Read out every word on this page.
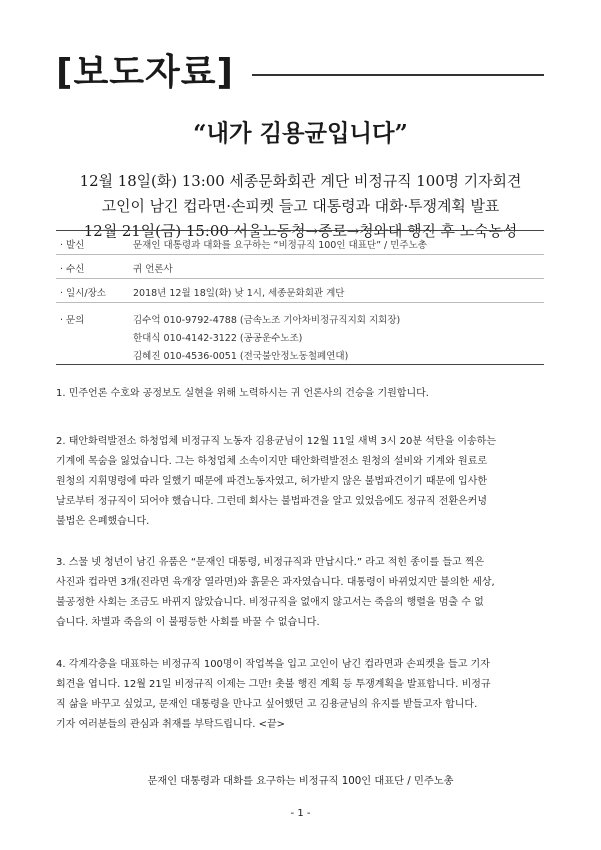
[보도자료]
“내가 김용균입니다”
12월 18일(화) 13:00 세종문화회관 계단 비정규직 100명 기자회견
고인이 남긴 컵라면·손피켓 들고 대통령과 대화·투쟁계획 발표
12월 21일(금) 15:00 서울노동청→종로→청와대 행진 후 노숙농성
· 발신	문재인 대통령과 대화를 요구하는 “비정규직 100인 대표단” / 민주노총
· 수신	귀 언론사
· 일시/장소	2018년 12월 18일(화) 낮 1시, 세종문화회관 계단
· 문의	김수억 010-9792-4788 (금속노조 기아차비정규직지회 지회장)
한대식 010-4142-3122 (공공운수노조)
김혜진 010-4536-0051 (전국불안정노동철폐연대)
1. 민주언론 수호와 공정보도 실현을 위해 노력하시는 귀 언론사의 건승을 기원합니다.
2. 태안화력발전소 하청업체 비정규직 노동자 김용균님이 12월 11일 새벽 3시 20분 석탄을 이송하는
기계에 목숨을 잃었습니다. 그는 하청업체 소속이지만 태안화력발전소 원청의 설비와 기계와 원료로
원청의 지휘명령에 따라 일했기 때문에 파견노동자였고, 허가받지 않은 불법파견이기 때문에 입사한
날로부터 정규직이 되어야 했습니다. 그런데 회사는 불법파견을 알고 있었음에도 정규직 전환은커녕
불법은 은폐했습니다.
3. 스물 넷 청년이 남긴 유품은 “문재인 대통령, 비정규직과 만납시다.” 라고 적힌 종이를 들고 찍은
사진과 컵라면 3개(진라면 육개장 열라면)와 흙묻은 과자였습니다. 대통령이 바뀌었지만 불의한 세상,
불공정한 사회는 조금도 바뀌지 않았습니다. 비정규직을 없애지 않고서는 죽음의 행렬을 멈출 수 없
습니다. 차별과 죽음의 이 불평등한 사회를 바꿀 수 없습니다.
4. 각계각층을 대표하는 비정규직 100명이 작업복을 입고 고인이 남긴 컵라면과 손피켓을 들고 기자
회견을 엽니다. 12월 21일 비정규직 이제는 그만! 촛불 행진 계획 등 투쟁계획을 발표합니다. 비정규
직 삶을 바꾸고 싶었고, 문재인 대통령을 만나고 싶어했던 고 김용균님의 유지를 받들고자 합니다.
기자 여러분들의 관심과 취재를 부탁드립니다. <끝>
문재인 대통령과 대화를 요구하는 비정규직 100인 대표단 / 민주노총
- 1 -
